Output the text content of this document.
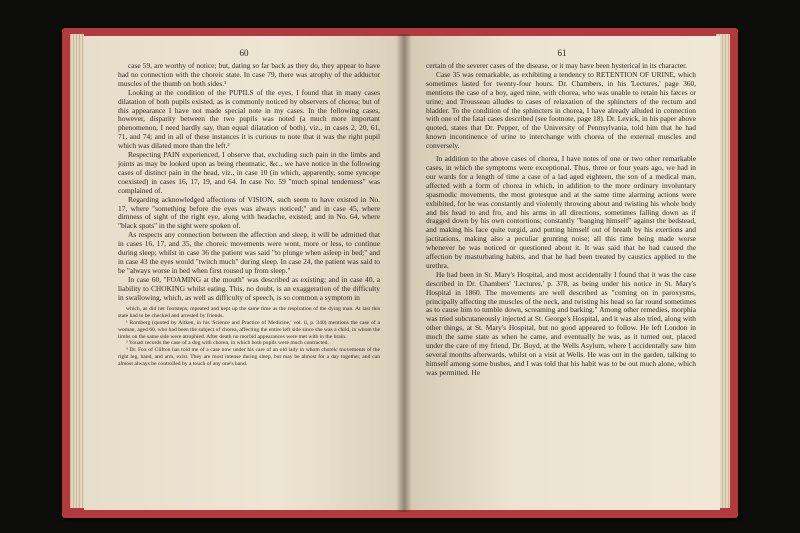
60

case 59, are worthy of notice; but, dating so far back as they do, they appear to have had no connection with the choreic state. In case 79, there was atrophy of the adductor muscles of the thumb on both sides.¹

Looking at the condition of the PUPILS of the eyes, I found that in many cases dilatation of both pupils existed, as is commonly noticed by observers of chorea; but of this appearance I have not made special note in my cases. In the following cases, however, disparity between the two pupils was noted (a much more important phenomenon, I need hardly say, than equal dilatation of both), viz., in cases 2, 20, 61, 71, and 74; and in all of these instances it is curious to note that it was the right pupil which was dilated more than the left.²

Respecting PAIN experienced, I observe that, excluding such pain in the limbs and joints as may be looked upon as being rheumatic, &c., we have notice in the following cases of distinct pain in the head, viz., in case 10 (in which, apparently, some syncope coexisted) in cases 16, 17, 19, and 64. In case No. 59 "much spinal tenderness" was complained of.

Regarding acknowledged affections of VISION, such seem to have existed in No. 17, where "something before the eyes was always noticed;" and in case 45, where dimness of sight of the right eye, along with headache, existed; and in No. 64, where "black spots" in the sight were spoken of.

As respects any connection between the affection and sleep, it will be admitted that in cases 16, 17, and 35, the choreic movements were wont, more or less, to continue during sleep; whilst in case 36 the patient was said "to plunge when asleep in bed;" and in case 43 the eyes would "twitch much" during sleep. In case 24, the patient was said to be "always worse in bed when first roused up from sleep."

In case 60, "FOAMING at the mouth" was described as existing; and in case 40, a liability to CHOKING whilst eating. This, no doubt, is an exaggeration of the difficulty in swallowing, which, as well as difficulty of speech, is so common a symptom in

which, as did her footsteps, repeated and kept up the same time as the respiration of the dying man. At last this state had to be checked and arrested by friends.

¹ Romberg (quoted by Aitken, in his 'Science and Practice of Medicine,' vol. ii, p. 340) mentions the case of a woman, aged 60, who had been the subject of chorea, affecting the entire left side since she was a child, in whom the limbs on the same side were atrophied. After death no morbid appearances were met with in the brain.

² Youatt records the case of a dog with chorea, in which both pupils were much contracted.

³ Dr. Fox of Clifton has told me of a case now under his care of an old lady in whom choreic movements of the right leg, hand, and arm, exist. They are most intense during sleep, but may be almost for a day together, and can almost always be controlled by a touch of any one's hand.

61

certain of the severer cases of the disease, or it may have been hysterical in its character.

Case 35 was remarkable, as exhibiting a tendency to RETENTION OF URINE, which sometimes lasted for twenty-four hours. Dr. Chambers, in his 'Lectures,' page 360, mentions the case of a boy, aged nine, with chorea, who was unable to retain his fæces or urine; and Trousseau alludes to cases of relaxation of the sphincters of the rectum and bladder. To the condition of the sphincters in chorea, I have already alluded in connection with one of the fatal cases described (see footnote, page 18). Dr. Levick, in his paper above quoted, states that Dr. Pepper, of the University of Pennsylvania, told him that he had known incontinence of urine to interchange with chorea of the external muscles and conversely.

In addition to the above cases of chorea, I have notes of one or two other remarkable cases, in which the symptoms were exceptional. Thus, three or four years ago, we had in our wards for a length of time a case of a lad aged eighteen, the son of a medical man, affected with a form of chorea in which, in addition to the more ordinary involuntary spasmodic movements, the most grotesque and at the same time alarming actions were exhibited, for he was constantly and violently throwing about and twisting his whole body and his head to and fro, and his arms in all directions, sometimes falling down as if dragged down by his own contortions; constantly "banging himself" against the bedstead, and making his face quite turgid, and putting himself out of breath by his exertions and jactitations, making also a peculiar grunting noise; all this time being made worse whenever he was noticed or questioned about it. It was said that he had caused the affection by masturbating habits, and that he had been treated by caustics applied to the urethra.

He had been in St. Mary's Hospital, and most accidentally I found that it was the case described in Dr. Chambers' 'Lectures,' p. 378, as being under his notice in St. Mary's Hospital in 1860. The movements are well described as "coming on in paroxysms, principally affecting the muscles of the neck, and twisting his head so far round sometimes as to cause him to tumble down, screaming and barking." Among other remedies, morphia was tried subcutaneously injected at St. George's Hospital, and it was also tried, along with other things, at St. Mary's Hospital, but no good appeared to follow. He left London in much the same state as when he came, and eventually he was, as it turned out, placed under the care of my friend, Dr. Boyd, at the Wells Asylum, where I accidentally saw him several months afterwards, whilst on a visit at Wells. He was out in the garden, talking to himself among some bushes, and I was told that his habit was to be out much alone, which was permitted. He
